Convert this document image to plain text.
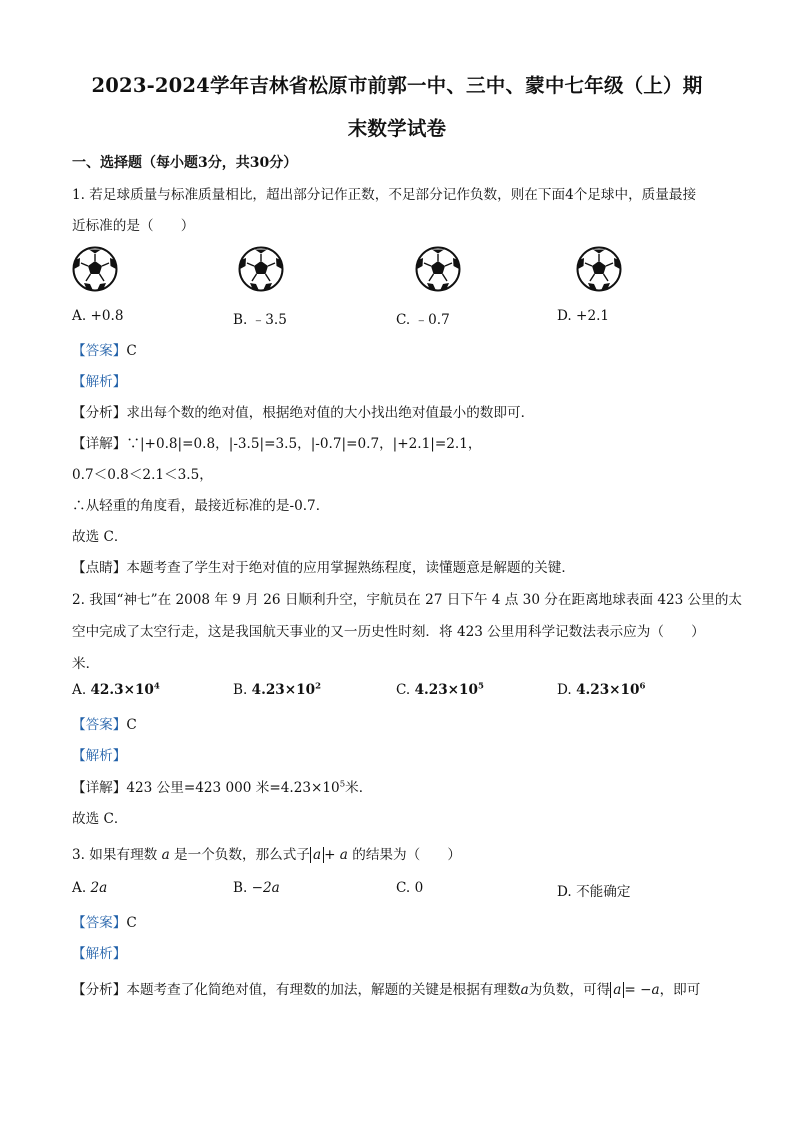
2023-2024学年吉林省松原市前郭一中、三中、蒙中七年级（上）期
末数学试卷
一、选择题（每小题3分，共30分）
1. 若足球质量与标准质量相比，超出部分记作正数，不足部分记作负数，则在下面4个足球中，质量最接
近标准的是（　　）
A. +0.8	B. ﹣3.5	C. ﹣0.7	D. +2.1
【答案】C
【解析】
【分析】求出每个数的绝对值，根据绝对值的大小找出绝对值最小的数即可．
【详解】∵|+0.8|=0.8，|-3.5|=3.5，|-0.7|=0.7，|+2.1|=2.1，
0.7＜0.8＜2.1＜3.5，
∴从轻重的角度看，最接近标准的是-0.7．
故选 C．
【点睛】本题考查了学生对于绝对值的应用掌握熟练程度，读懂题意是解题的关键．
2. 我国“神七”在 2008 年 9 月 26 日顺利升空，宇航员在 27 日下午 4 点 30 分在距离地球表面 423 公里的太
空中完成了太空行走，这是我国航天事业的又一历史性时刻．将 423 公里用科学记数法表示应为（　　）
米．
A. $42.3\times 10^4$	B. $4.23\times 10^2$	C. $4.23\times 10^5$	D. $4.23\times 10^6$
【答案】C
【解析】
【详解】423 公里=423 000 米$=4.23\times 10^5$米．
故选 C．
3. 如果有理数 a 是一个负数，那么式子 a + a 的结果为（　　）
A. 2a	B. −2a	C. 0	D. 不能确定
【答案】C
【解析】
【分析】本题考查了化简绝对值，有理数的加法，解题的关键是根据有理数a为负数，可得 a = −a，即可
